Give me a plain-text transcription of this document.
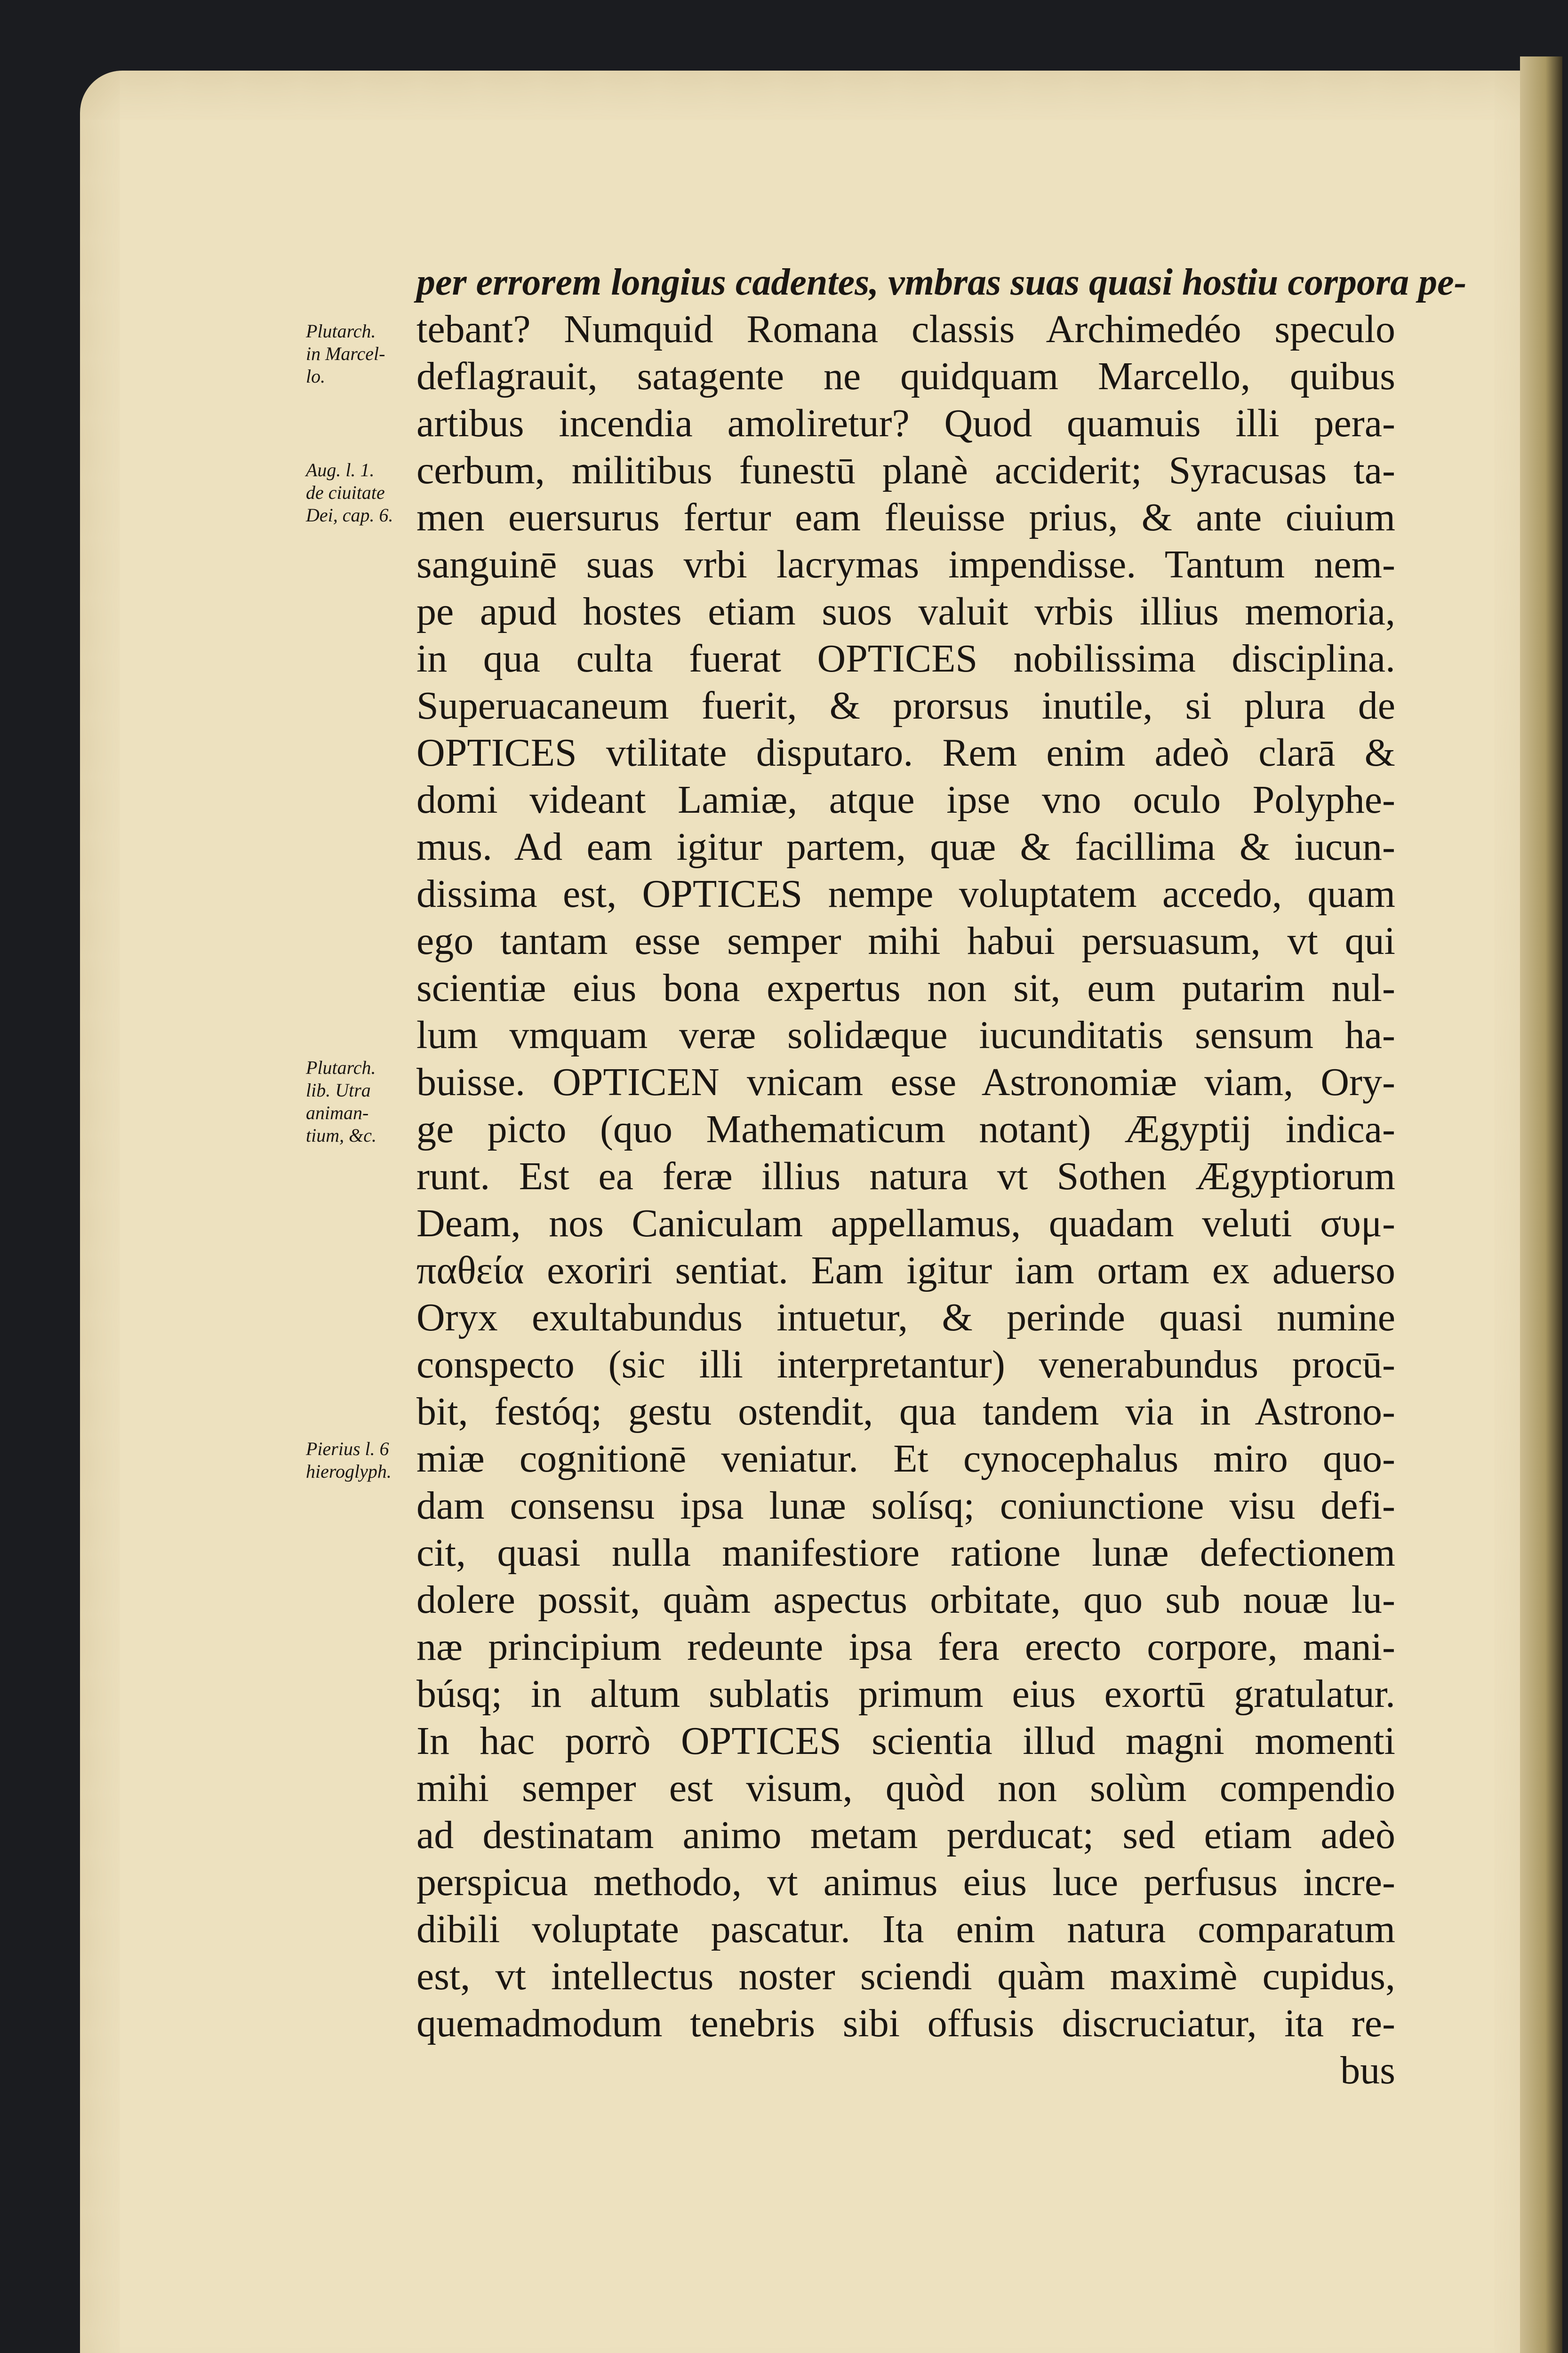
per errorem longius cadentes, vmbras suas quasi hostiu corpora pe-
tebant? Numquid Romana classis Archimedéo speculo
deflagrauit, satagente ne quidquam Marcello, quibus
artibus incendia amoliretur? Quod quamuis illi pera-
cerbum, militibus funestū planè acciderit; Syracusas ta-
men euersurus fertur eam fleuisse prius, & ante ciuium
sanguinē suas vrbi lacrymas impendisse. Tantum nem-
pe apud hostes etiam suos valuit vrbis illius memoria,
in qua culta fuerat OPTICES nobilissima disciplina.
Superuacaneum fuerit, & prorsus inutile, si plura de
OPTICES vtilitate disputaro. Rem enim adeò clarā &
domi videant Lamiæ, atque ipse vno oculo Polyphe-
mus. Ad eam igitur partem, quæ & facillima & iucun-
dissima est, OPTICES nempe voluptatem accedo, quam
ego tantam esse semper mihi habui persuasum, vt qui
scientiæ eius bona expertus non sit, eum putarim nul-
lum vmquam veræ solidæque iucunditatis sensum ha-
buisse. OPTICEN vnicam esse Astronomiæ viam, Ory-
ge picto (quo Mathematicum notant) Ægyptij indica-
runt. Est ea feræ illius natura vt Sothen Ægyptiorum
Deam, nos Caniculam appellamus, quadam veluti συμ-
παθεία exoriri sentiat. Eam igitur iam ortam ex aduerso
Oryx exultabundus intuetur, & perinde quasi numine
conspecto (sic illi interpretantur) venerabundus procū-
bit, festóq; gestu ostendit, qua tandem via in Astrono-
miæ cognitionē veniatur. Et cynocephalus miro quo-
dam consensu ipsa lunæ solísq; coniunctione visu defi-
cit, quasi nulla manifestiore ratione lunæ defectionem
dolere possit, quàm aspectus orbitate, quo sub nouæ lu-
næ principium redeunte ipsa fera erecto corpore, mani-
búsq; in altum sublatis primum eius exortū gratulatur.
In hac porrò OPTICES scientia illud magni momenti
mihi semper est visum, quòd non solùm compendio
ad destinatam animo metam perducat; sed etiam adeò
perspicua methodo, vt animus eius luce perfusus incre-
dibili voluptate pascatur. Ita enim natura comparatum
est, vt intellectus noster sciendi quàm maximè cupidus,
quemadmodum tenebris sibi offusis discruciatur, ita re-
bus
Plutarch.
in Marcel-
lo.
Aug. l. 1.
de ciuitate
Dei, cap. 6.
Plutarch.
lib. Utra
animan-
tium, &c.
Pierius l. 6
hieroglyph.
